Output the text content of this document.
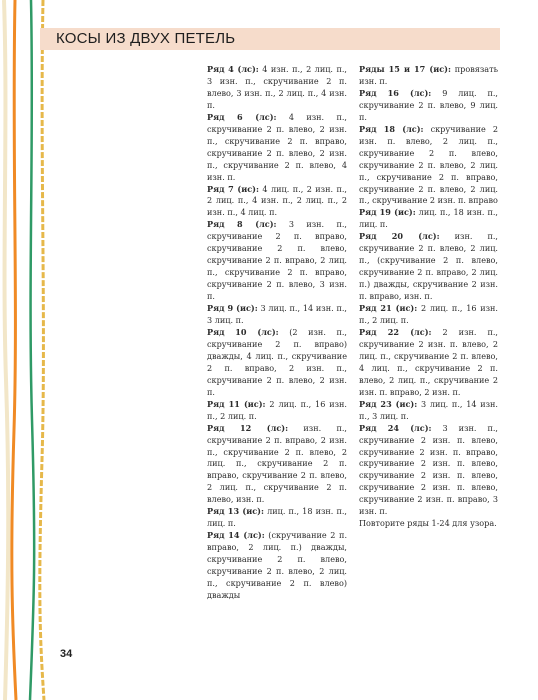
КОСЫ ИЗ ДВУХ ПЕТЕЛЬ

Ряд 4 (лс): 4 изн. п., 2 лиц. п., 3 изн. п., скручивание 2 п. влево, 3 изн. п., 2 лиц. п., 4 изн. п.

Ряд 6 (лс): 4 изн. п., скручивание 2 п. влево, 2 изн. п., скручивание 2 п. вправо, скручивание 2 п. влево, 2 изн. п., скручивание 2 п. влево, 4 изн. п.

Ряд 7 (ис): 4 лиц. п., 2 изн. п., 2 лиц. п., 4 изн. п., 2 лиц. п., 2 изн. п., 4 лиц. п.

Ряд 8 (лс): 3 изн. п., скручивание 2 п. вправо, скручивание 2 п. влево, скручивание 2 п. вправо, 2 лиц. п., скручивание 2 п. вправо, скручивание 2 п. влево, 3 изн. п.

Ряд 9 (ис): 3 лиц. п., 14 изн. п., 3 лиц. п.

Ряд 10 (лс): (2 изн. п., скручивание 2 п. вправо) дважды, 4 лиц. п., скручивание 2 п. вправо, 2 изн. п., скручивание 2 п. влево, 2 изн. п.

Ряд 11 (ис): 2 лиц. п., 16 изн. п., 2 лиц. п.

Ряд 12 (лс): изн. п., скручивание 2 п. вправо, 2 изн. п., скручивание 2 п. влево, 2 лиц. п., скручивание 2 п. вправо, скручивание 2 п. влево, 2 лиц. п., скручивание 2 п. влево, изн. п.

Ряд 13 (ис): лиц. п., 18 изн. п., лиц. п.

Ряд 14 (лс): (скручивание 2 п. вправо, 2 лиц. п.) дважды, скручивание 2 п. влево, скручивание 2 п. влево, 2 лиц. п., скручивание 2 п. влево) дважды

Ряды 15 и 17 (ис): провязать изн. п.

Ряд 16 (лс): 9 лиц. п., скручивание 2 п. влево, 9 лиц. п.

Ряд 18 (лс): скручивание 2 изн. п. влево, 2 лиц. п., скручивание 2 п. влево, скручивание 2 п. влево, 2 лиц. п., скручивание 2 п. вправо, скручивание 2 п. влево, 2 лиц. п., скручивание 2 изн. п. вправо

Ряд 19 (ис): лиц. п., 18 изн. п., лиц. п.

Ряд 20 (лс): изн. п., скручивание 2 п. влево, 2 лиц. п., (скручивание 2 п. влево, скручивание 2 п. вправо, 2 лиц. п.) дважды, скручивание 2 изн. п. вправо, изн. п.

Ряд 21 (ис): 2 лиц. п., 16 изн. п., 2 лиц. п.

Ряд 22 (лс): 2 изн. п., скручивание 2 изн. п. влево, 2 лиц. п., скручивание 2 п. влево, 4 лиц. п., скручивание 2 п. влево, 2 лиц. п., скручивание 2 изн. п. вправо, 2 изн. п.

Ряд 23 (ис): 3 лиц. п., 14 изн. п., 3 лиц. п.

Ряд 24 (лс): 3 изн. п., скручивание 2 изн. п. влево, скручивание 2 изн. п. вправо, скручивание 2 изн. п. влево, скручивание 2 изн. п. влево, скручивание 2 изн. п. влево, скручивание 2 изн. п. вправо, 3 изн. п.

Повторите ряды 1-24 для узора.

34
